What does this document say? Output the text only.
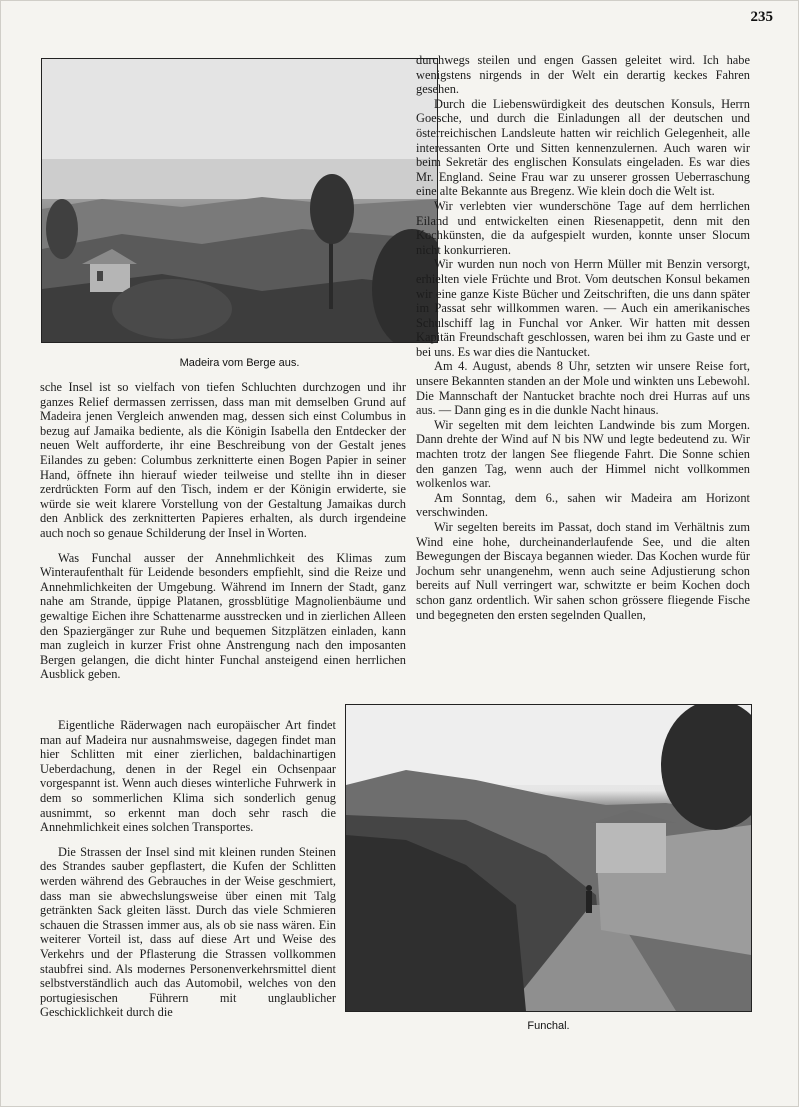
235
Madeira vom Berge aus.
Funchal.

sche Insel ist so vielfach von tiefen Schluchten durchzogen und ihr ganzes Relief dermassen zerrissen, dass man mit demselben Grund auf Madeira jenen Vergleich anwenden mag, dessen sich einst Columbus in bezug auf Jamaika bediente, als die Königin Isabella den Entdecker der neuen Welt aufforderte, ihr eine Beschreibung von der Gestalt jenes Eilandes zu geben: Columbus zerknitterte einen Bogen Papier in seiner Hand, öffnete ihn hierauf wieder teilweise und stellte ihn in dieser zerdrückten Form auf den Tisch, indem er der Königin erwiderte, sie würde sie weit klarere Vorstellung von der Gestaltung Jamaikas durch den Anblick des zerknitterten Papieres erhalten, als durch irgendeine auch noch so genaue Schilderung der Insel in Worten.

Was Funchal ausser der Annehmlichkeit des Klimas zum Winteraufenthalt für Leidende besonders empfiehlt, sind die Reize und Annehmlichkeiten der Umgebung. Während im Innern der Stadt, ganz nahe am Strande, üppige Platanen, grossblütige Magnolienbäume und gewaltige Eichen ihre Schattenarme ausstrecken und in zierlichen Alleen den Spaziergänger zur Ruhe und bequemen Sitzplätzen einladen, kann man zugleich in kurzer Frist ohne Anstrengung nach den imposanten Bergen gelangen, die dicht hinter Funchal ansteigend einen herrlichen Ausblick geben.

Eigentliche Räderwagen nach europäischer Art findet man auf Madeira nur ausnahmsweise, dagegen findet man hier Schlitten mit einer zierlichen, baldachinartigen Ueberdachung, denen in der Regel ein Ochsenpaar vorgespannt ist. Wenn auch dieses winterliche Fuhrwerk in dem so sommerlichen Klima sich sonderlich genug ausnimmt, so erkennt man doch sehr rasch die Annehmlichkeit eines solchen Transportes.

Die Strassen der Insel sind mit kleinen runden Steinen des Strandes sauber gepflastert, die Kufen der Schlitten werden während des Gebrauches in der Weise geschmiert, dass man sie abwechslungsweise über einen mit Talg getränkten Sack gleiten lässt. Durch das viele Schmieren schauen die Strassen immer aus, als ob sie nass wären. Ein weiterer Vorteil ist, dass auf diese Art und Weise des Verkehrs und der Pflasterung die Strassen vollkommen staubfrei sind. Als modernes Personenverkehrsmittel dient selbstverständlich auch das Automobil, welches von den portugiesischen Führern mit unglaublicher Geschicklichkeit durch die

durchwegs steilen und engen Gassen geleitet wird. Ich habe wenigstens nirgends in der Welt ein derartig keckes Fahren gesehen.

Durch die Liebenswürdigkeit des deutschen Konsuls, Herrn Goesche, und durch die Einladungen all der deutschen und österreichischen Landsleute hatten wir reichlich Gelegenheit, alle interessanten Orte und Sitten kennenzulernen. Auch waren wir beim Sekretär des englischen Konsulats eingeladen. Es war dies Mr. England. Seine Frau war zu unserer grossen Ueberraschung eine alte Bekannte aus Bregenz. Wie klein doch die Welt ist.

Wir verlebten vier wunderschöne Tage auf dem herrlichen Eiland und entwickelten einen Riesenappetit, denn mit den Kochkünsten, die da aufgespielt wurden, konnte unser Slocum nicht konkurrieren.

Wir wurden nun noch von Herrn Müller mit Benzin versorgt, erhielten viele Früchte und Brot. Vom deutschen Konsul bekamen wir eine ganze Kiste Bücher und Zeitschriften, die uns dann später im Passat sehr willkommen waren. — Auch ein amerikanisches Schulschiff lag in Funchal vor Anker. Wir hatten mit dessen Kapitän Freundschaft geschlossen, waren bei ihm zu Gaste und er bei uns. Es war dies die Nantucket.

Am 4. August, abends 8 Uhr, setzten wir unsere Reise fort, unsere Bekannten standen an der Mole und winkten uns Lebewohl. Die Mannschaft der Nantucket brachte noch drei Hurras auf uns aus. — Dann ging es in die dunkle Nacht hinaus.

Wir segelten mit dem leichten Landwinde bis zum Morgen. Dann drehte der Wind auf N bis NW und legte bedeutend zu. Wir machten trotz der langen See fliegende Fahrt. Die Sonne schien den ganzen Tag, wenn auch der Himmel nicht vollkommen wolkenlos war.

Am Sonntag, dem 6., sahen wir Madeira am Horizont verschwinden.

Wir segelten bereits im Passat, doch stand im Verhältnis zum Wind eine hohe, durcheinanderlaufende See, und die alten Bewegungen der Biscaya begannen wieder. Das Kochen wurde für Jochum sehr unangenehm, wenn auch seine Adjustierung schon bereits auf Null verringert war, schwitzte er beim Kochen doch schon ganz ordentlich. Wir sahen schon grössere fliegende Fische und begegneten den ersten segelnden Quallen,
